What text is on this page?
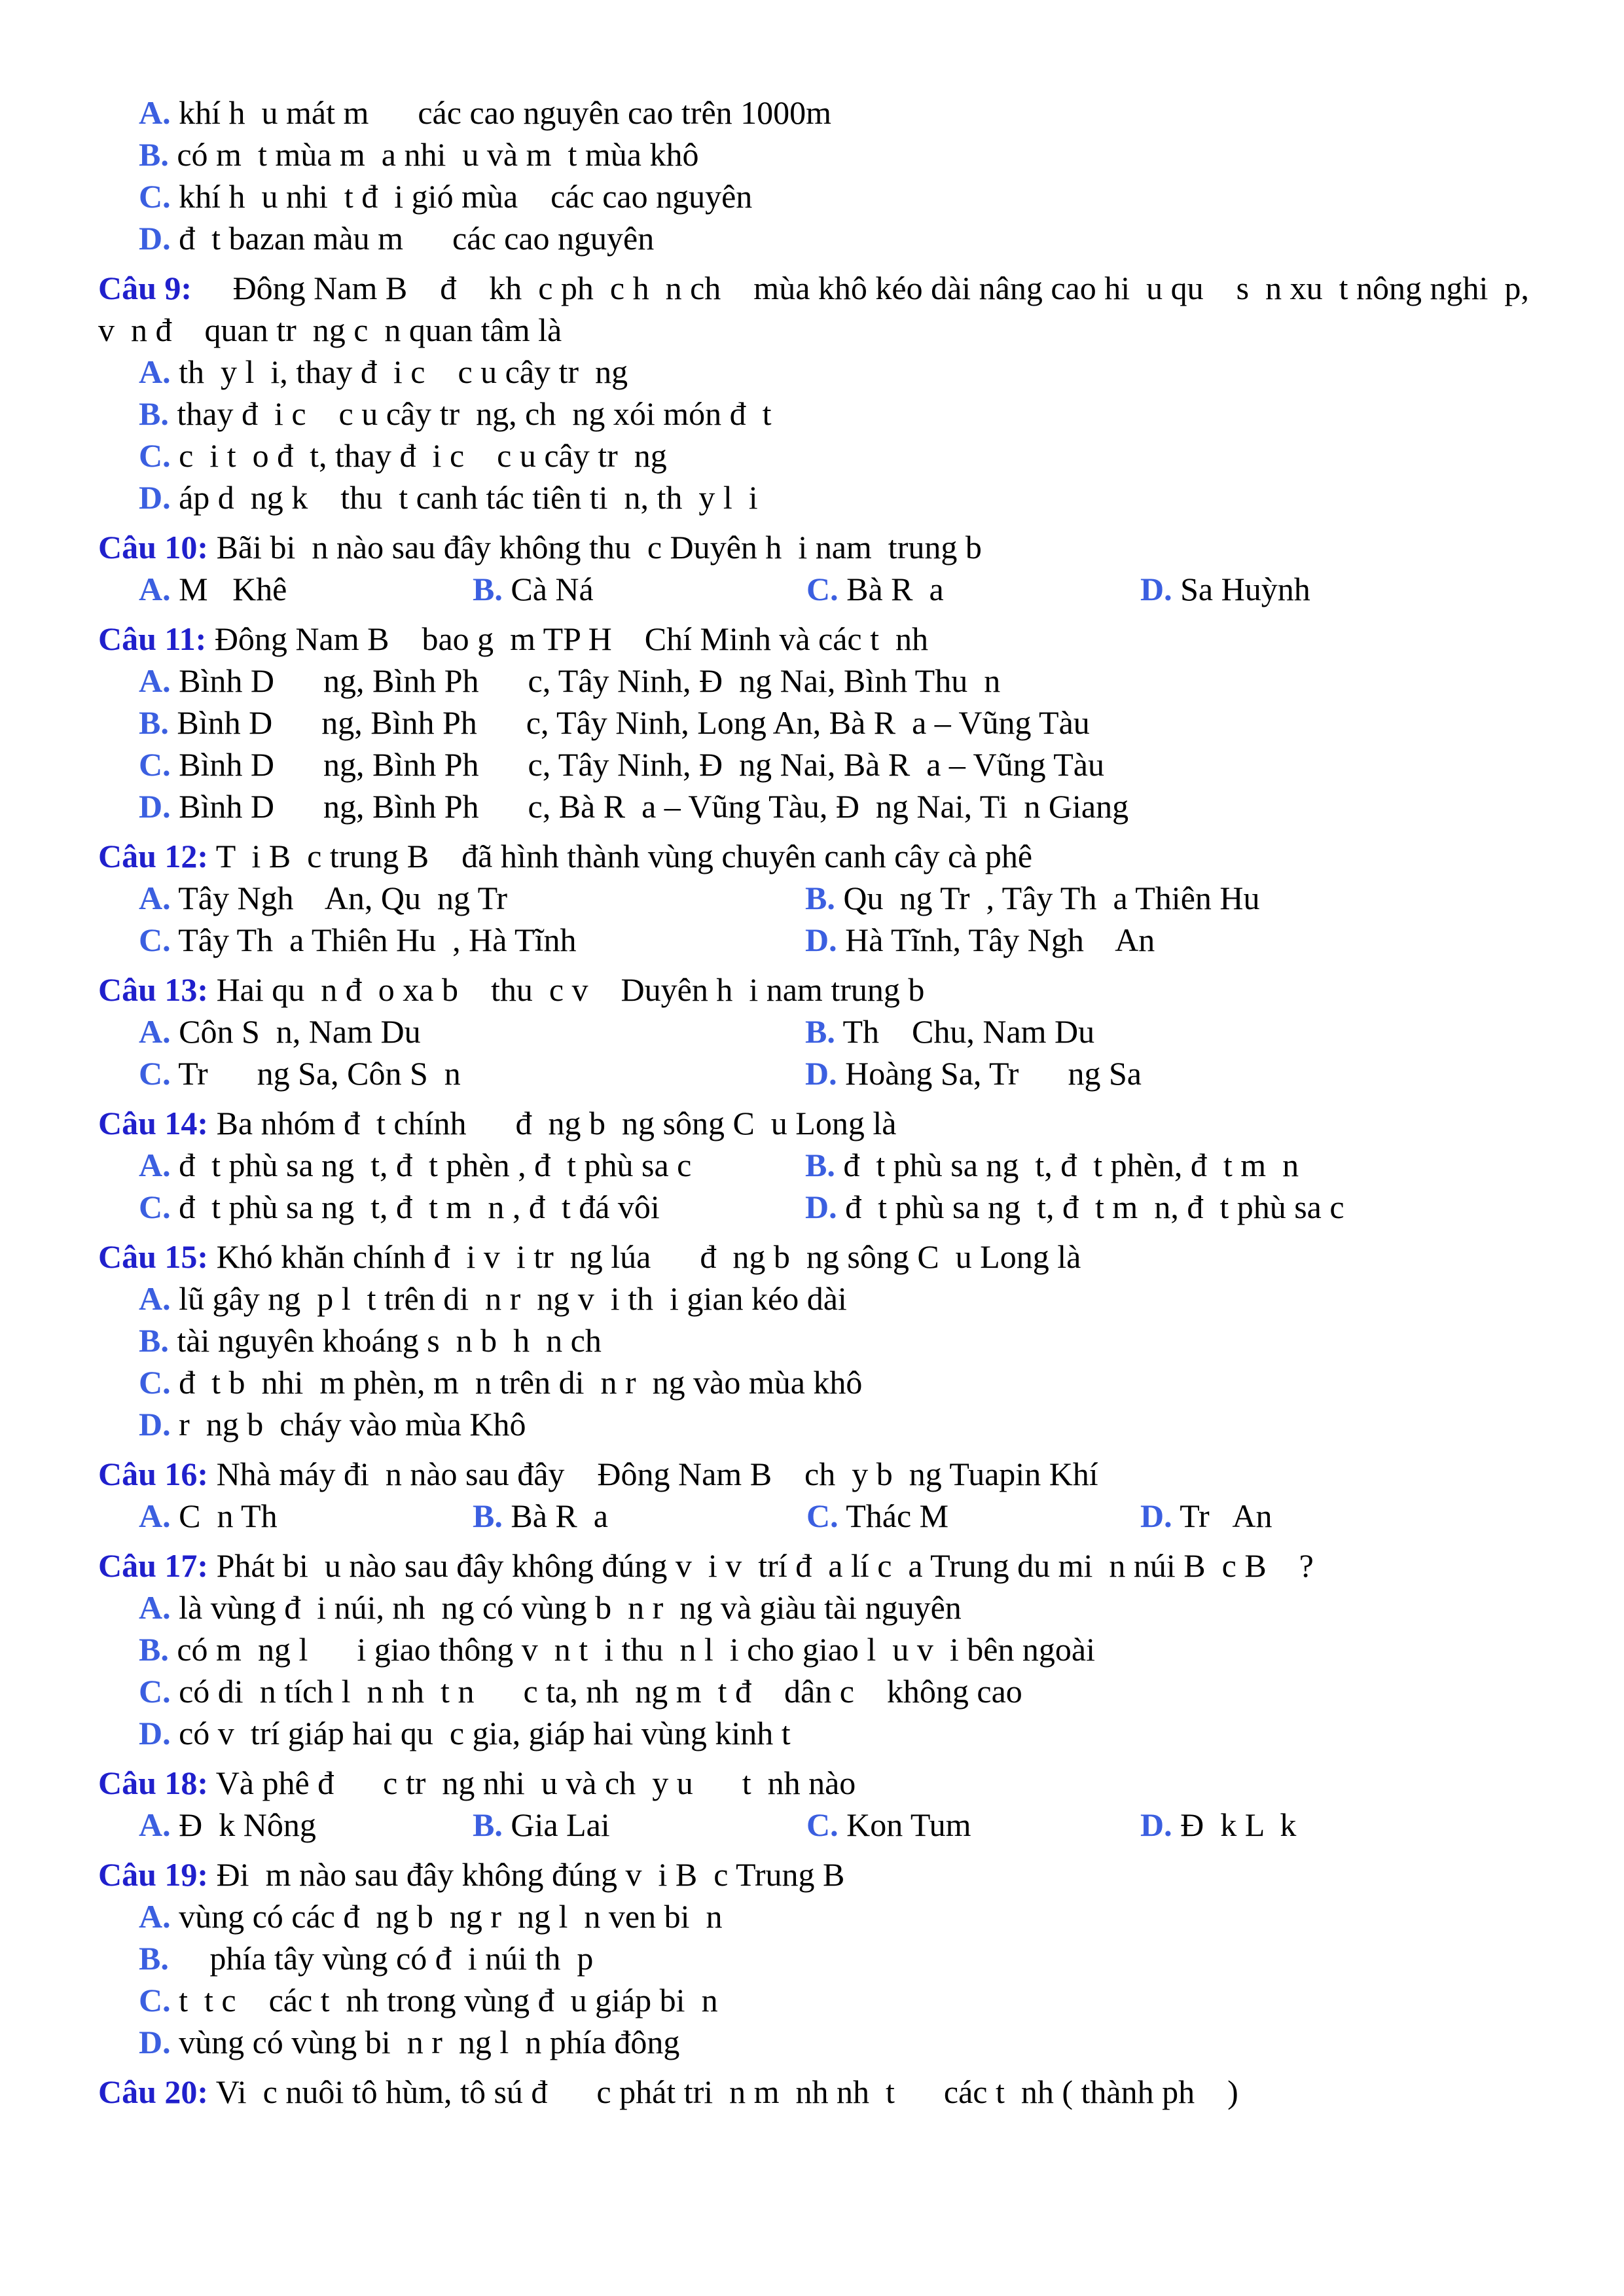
A. khí h  u mát m      các cao nguyên cao trên 1000m
B. có m  t mùa m  a nhi  u và m  t mùa khô
C. khí h  u nhi  t đ  i gió mùa    các cao nguyên
D. đ  t bazan màu m      các cao nguyên
Câu 9:     Đông Nam B    đ    kh  c ph  c h  n ch    mùa khô kéo dài nâng cao hi  u qu    s  n xu  t nông nghi  p, v  n đ    quan tr  ng c  n quan tâm là
A. th  y l  i, thay đ  i c    c u cây tr  ng
B. thay đ  i c    c u cây tr  ng, ch  ng xói món đ  t
C. c  i t  o đ  t, thay đ  i c    c u cây tr  ng
D. áp d  ng k    thu  t canh tác tiên ti  n, th  y l  i
Câu 10: Bãi bi  n nào sau đây không thu  c Duyên h  i nam  trung b
A. M   Khê	B. Cà Ná	C. Bà R  a	D. Sa Huỳnh
Câu 11: Đông Nam B    bao g  m TP H    Chí Minh và các t  nh
A. Bình D      ng, Bình Ph      c, Tây Ninh, Đ  ng Nai, Bình Thu  n
B. Bình D      ng, Bình Ph      c, Tây Ninh, Long An, Bà R  a – Vũng Tàu
C. Bình D      ng, Bình Ph      c, Tây Ninh, Đ  ng Nai, Bà R  a – Vũng Tàu
D. Bình D      ng, Bình Ph      c, Bà R  a – Vũng Tàu, Đ  ng Nai, Ti  n Giang
Câu 12: T  i B  c trung B    đã hình thành vùng chuyên canh cây cà phê
A. Tây Ngh    An, Qu  ng Tr	B. Qu  ng Tr  , Tây Th  a Thiên Hu
C. Tây Th  a Thiên Hu  , Hà Tĩnh	D. Hà Tĩnh, Tây Ngh    An
Câu 13: Hai qu  n đ  o xa b    thu  c v    Duyên h  i nam trung b
A. Côn S  n, Nam Du	B. Th    Chu, Nam Du
C. Tr      ng Sa, Côn S  n	D. Hoàng Sa, Tr      ng Sa
Câu 14: Ba nhóm đ  t chính      đ  ng b  ng sông C  u Long là
A. đ  t phù sa ng  t, đ  t phèn , đ  t phù sa c	B. đ  t phù sa ng  t, đ  t phèn, đ  t m  n
C. đ  t phù sa ng  t, đ  t m  n , đ  t đá vôi	D. đ  t phù sa ng  t, đ  t m  n, đ  t phù sa c
Câu 15: Khó khăn chính đ  i v  i tr  ng lúa      đ  ng b  ng sông C  u Long là
A. lũ gây ng  p l  t trên di  n r  ng v  i th  i gian kéo dài
B. tài nguyên khoáng s  n b  h  n ch
C. đ  t b  nhi  m phèn, m  n trên di  n r  ng vào mùa khô
D. r  ng b  cháy vào mùa Khô
Câu 16: Nhà máy đi  n nào sau đây    Đông Nam B    ch  y b  ng Tuapin Khí
A. C  n Th	B. Bà R  a	C. Thác M	D. Tr   An
Câu 17: Phát bi  u nào sau đây không đúng v  i v  trí đ  a lí c  a Trung du mi  n núi B  c B    ?
A. là vùng đ  i núi, nh  ng có vùng b  n r  ng và giàu tài nguyên
B. có m  ng l      i giao thông v  n t  i thu  n l  i cho giao l  u v  i bên ngoài
C. có di  n tích l  n nh  t n      c ta, nh  ng m  t đ    dân c    không cao
D. có v  trí giáp hai qu  c gia, giáp hai vùng kinh t
Câu 18: Và phê đ      c tr  ng nhi  u và ch  y u      t  nh nào
A. Đ  k Nông	B. Gia Lai	C. Kon Tum	D. Đ  k L  k
Câu 19: Đi  m nào sau đây không đúng v  i B  c Trung B
A. vùng có các đ  ng b  ng r  ng l  n ven bi  n
B.     phía tây vùng có đ  i núi th  p
C. t  t c    các t  nh trong vùng đ  u giáp bi  n
D. vùng có vùng bi  n r  ng l  n phía đông
Câu 20: Vi  c nuôi tô hùm, tô sú đ      c phát tri  n m  nh nh  t      các t  nh ( thành ph    )
